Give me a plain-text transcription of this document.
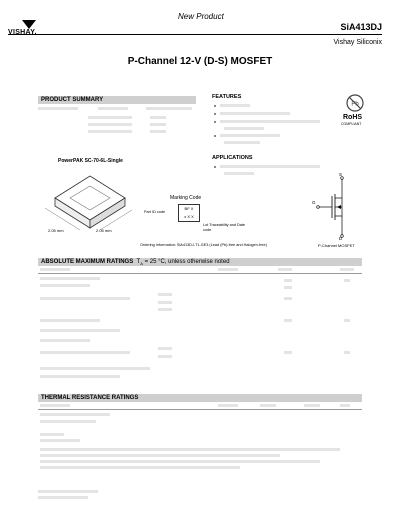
VISHAY.
New Product
SiA413DJ
Vishay Siliconix
P-Channel 12-V (D-S) MOSFET
PRODUCT SUMMARY	FEATURES
Pb
RoHS
COMPLIANT
PowerPAK SC-70-6L-Single
2.05 mm	2.05 mm
Marking Code
BF X
x X X
Part ID code
Lot Traceability and Date code
APPLICATIONS
S
G
D
P-Channel MOSFET
Ordering Information: SiA413DJ-T1-GE3 (Lead (Pb)-free and Halogen-free)
ABSOLUTE MAXIMUM RATINGS  $T_A = 25$ °C, unless otherwise noted
THERMAL RESISTANCE RATINGS
